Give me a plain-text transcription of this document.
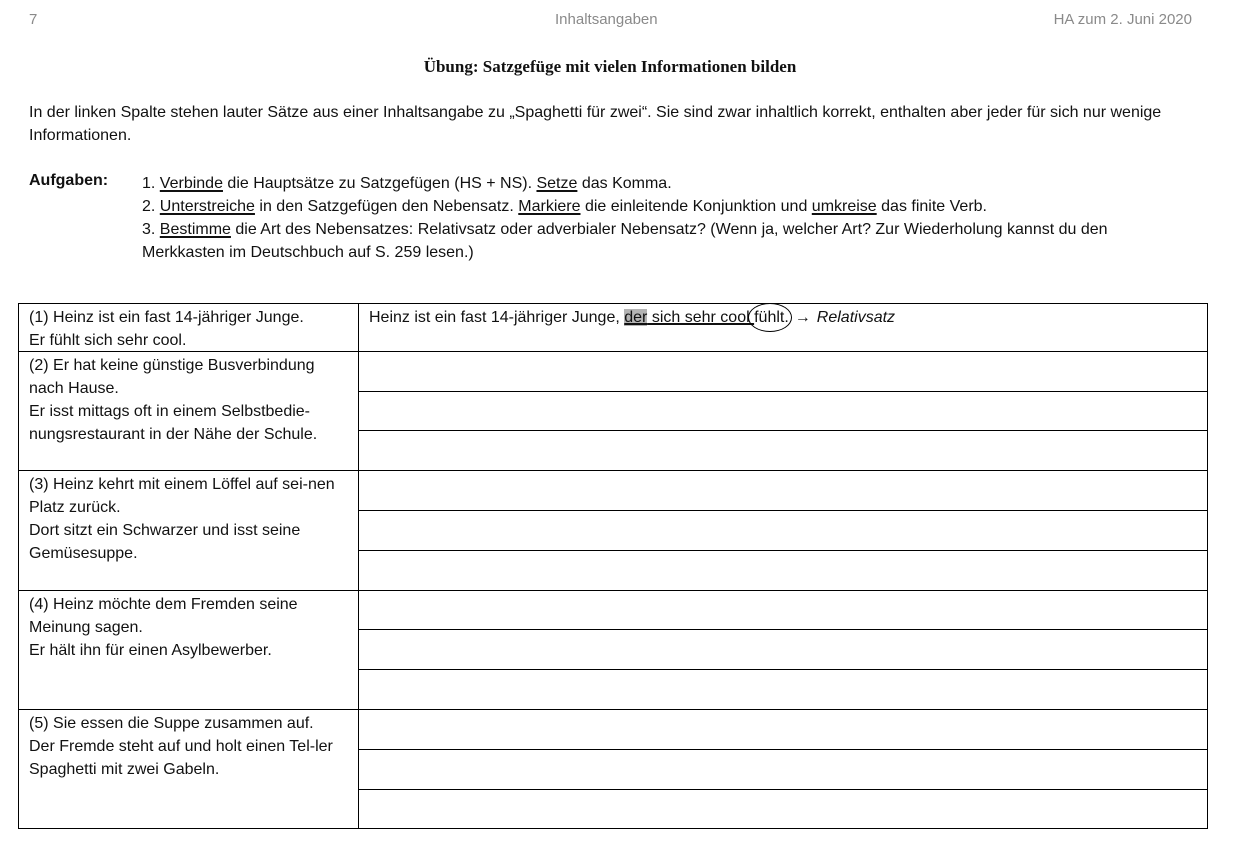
7	Inhaltsangaben	HA zum 2. Juni 2020
Übung: Satzgefüge mit vielen Informationen bilden
In der linken Spalte stehen lauter Sätze aus einer Inhaltsangabe zu „Spaghetti für zwei“. Sie sind zwar inhaltlich korrekt, enthalten aber jeder für sich nur wenige Informationen.
Aufgaben: 1. Verbinde die Hauptsätze zu Satzgefügen (HS + NS). Setze das Komma.

2. Unterstreiche in den Satzgefügen den Nebensatz. Markiere die einleitende Konjunktion und umkreise das finite Verb.

3. Bestimme die Art des Nebensatzes: Relativsatz oder adverbialer Nebensatz? (Wenn ja, welcher Art? Zur Wiederholung kannst du den Merkkasten im Deutschbuch auf S. 259 lesen.)

(1) Heinz ist ein fast 14-jähriger Junge.

Er fühlt sich sehr cool.

(2) Er hat keine günstige Busverbindung nach Hause.

Er isst mittags oft in einem Selbstbedie-nungsrestaurant in der Nähe der Schule.

(3) Heinz kehrt mit einem Löffel auf sei-nen Platz zurück.

Dort sitzt ein Schwarzer und isst seine Gemüsesuppe.

(4) Heinz möchte dem Fremden seine Meinung sagen.

Er hält ihn für einen Asylbewerber.

(5) Sie essen die Suppe zusammen auf.

Der Fremde steht auf und holt einen Tel-ler Spaghetti mit zwei Gabeln.

Heinz ist ein fast 14-jähriger Junge, der sich sehr cool fühlt. → Relativsatz
